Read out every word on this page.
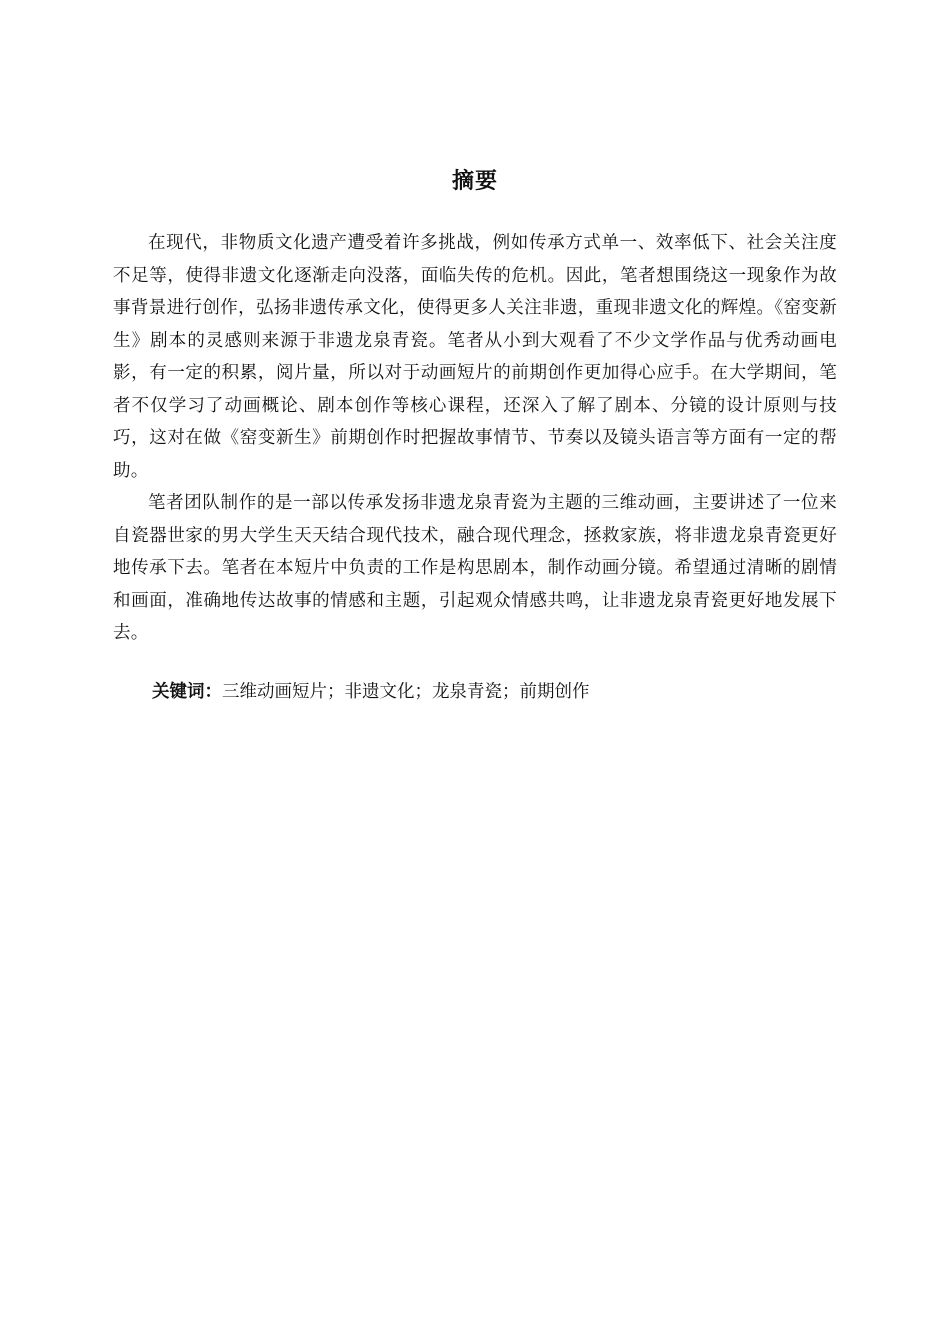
摘要

在现代，非物质文化遗产遭受着许多挑战，例如传承方式单一、效率低下、社会关注度不足等，使得非遗文化逐渐走向没落，面临失传的危机。因此，笔者想围绕这一现象作为故事背景进行创作，弘扬非遗传承文化，使得更多人关注非遗，重现非遗文化的辉煌。《窑变新生》剧本的灵感则来源于非遗龙泉青瓷。笔者从小到大观看了不少文学作品与优秀动画电影，有一定的积累，阅片量，所以对于动画短片的前期创作更加得心应手。在大学期间，笔者不仅学习了动画概论、剧本创作等核心课程，还深入了解了剧本、分镜的设计原则与技巧，这对在做《窑变新生》前期创作时把握故事情节、节奏以及镜头语言等方面有一定的帮助。

笔者团队制作的是一部以传承发扬非遗龙泉青瓷为主题的三维动画，主要讲述了一位来自瓷器世家的男大学生天天结合现代技术，融合现代理念，拯救家族，将非遗龙泉青瓷更好地传承下去。笔者在本短片中负责的工作是构思剧本，制作动画分镜。希望通过清晰的剧情和画面，准确地传达故事的情感和主题，引起观众情感共鸣，让非遗龙泉青瓷更好地发展下去。

关键词：三维动画短片；非遗文化；龙泉青瓷；前期创作
